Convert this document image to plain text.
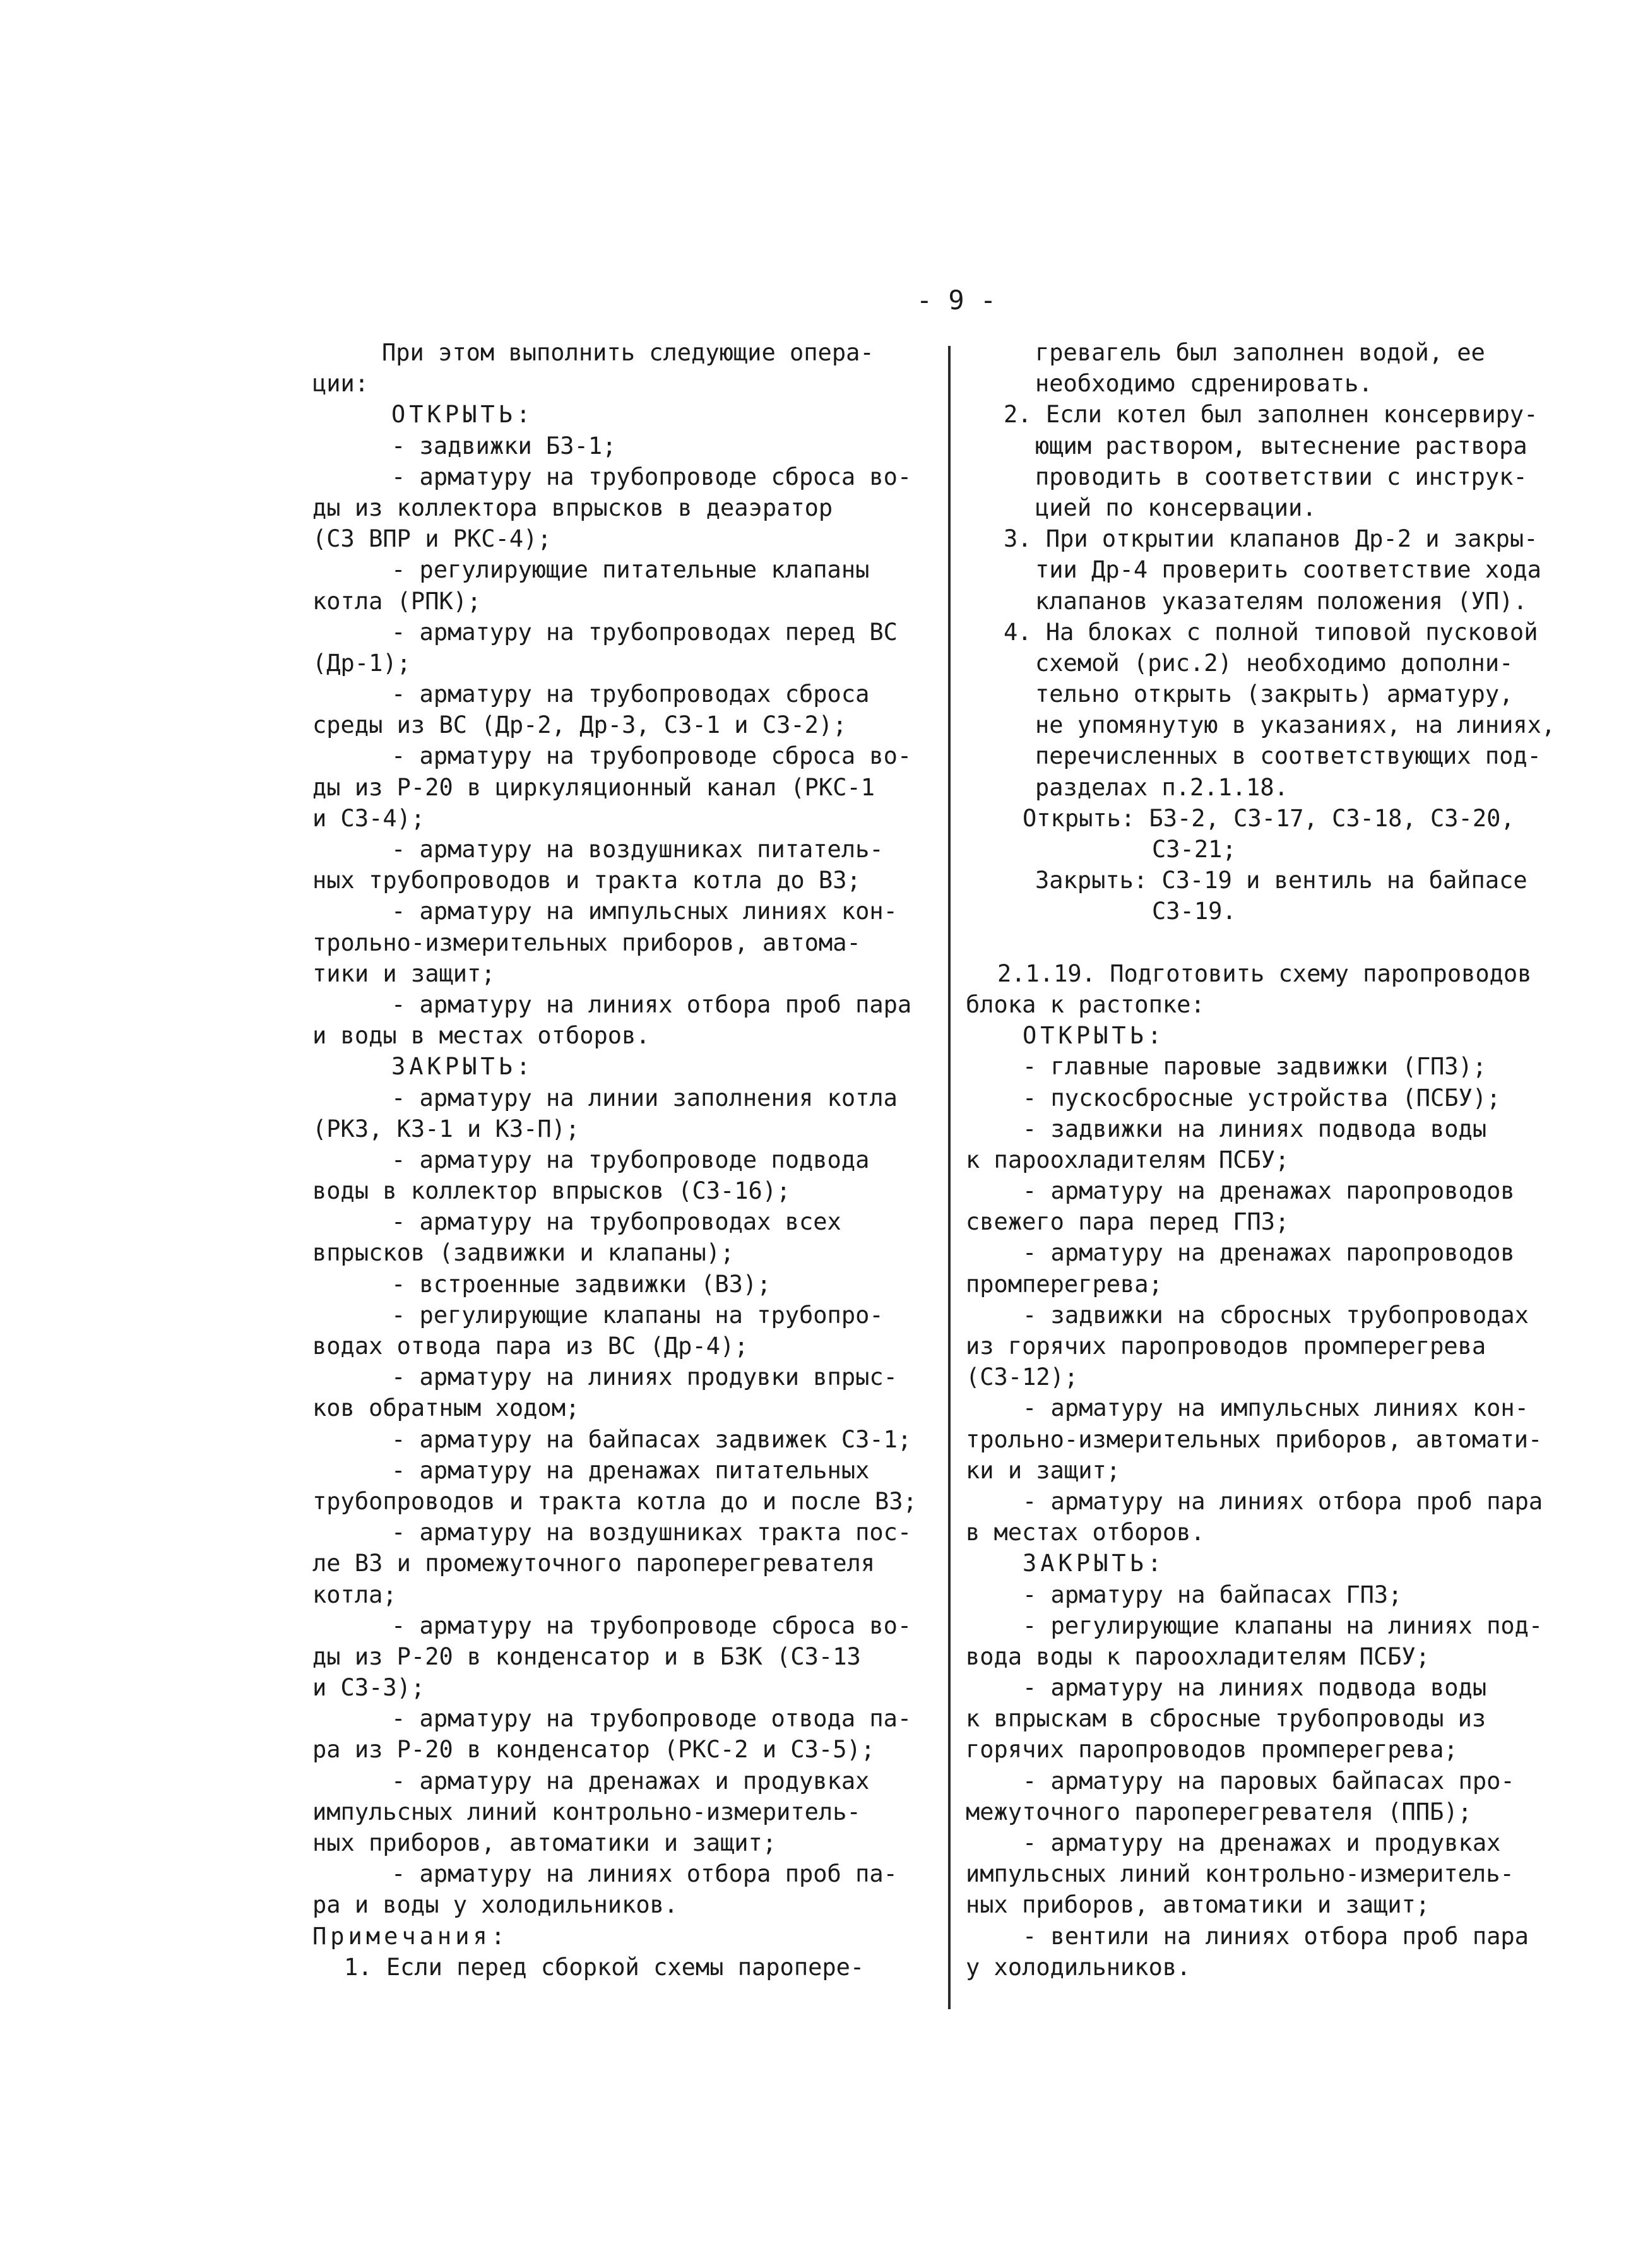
- 9 -
При этом выполнить следующие опера-
ции:
ОТКРЫТЬ:
- задвижки БЗ-1;
- арматуру на трубопроводе сброса во-
ды из коллектора впрысков в деаэратор
(СЗ ВПР и РКС-4);
- регулирующие питательные клапаны
котла (РПК);
- арматуру на трубопроводах перед ВС
(Др-1);
- арматуру на трубопроводах сброса
среды из ВС (Др-2, Др-3, СЗ-1 и СЗ-2);
- арматуру на трубопроводе сброса во-
ды из Р-20 в циркуляционный канал (РКС-1
и СЗ-4);
- арматуру на воздушниках питатель-
ных трубопроводов и тракта котла до ВЗ;
- арматуру на импульсных линиях кон-
трольно-измерительных приборов, автома-
тики и защит;
- арматуру на линиях отбора проб пара
и воды в местах отборов.
ЗАКРЫТЬ:
- арматуру на линии заполнения котла
(РКЗ, КЗ-1 и КЗ-П);
- арматуру на трубопроводе подвода
воды в коллектор впрысков (СЗ-16);
- арматуру на трубопроводах всех
впрысков (задвижки и клапаны);
- встроенные задвижки (ВЗ);
- регулирующие клапаны на трубопро-
водах отвода пара из ВС (Др-4);
- арматуру на линиях продувки впрыс-
ков обратным ходом;
- арматуру на байпасах задвижек СЗ-1;
- арматуру на дренажах питательных
трубопроводов и тракта котла до и после ВЗ;
- арматуру на воздушниках тракта пос-
ле ВЗ и промежуточного пароперегревателя
котла;
- арматуру на трубопроводе сброса во-
ды из Р-20 в конденсатор и в БЗК (СЗ-13
и СЗ-3);
- арматуру на трубопроводе отвода па-
ра из Р-20 в конденсатор (РКС-2 и СЗ-5);
- арматуру на дренажах и продувках
импульсных линий контрольно-измеритель-
ных приборов, автоматики и защит;
- арматуру на линиях отбора проб па-
ра и воды у холодильников.
Примечания:
1. Если перед сборкой схемы паропере-
гревагель был заполнен водой, ее
необходимо сдренировать.
2. Если котел был заполнен консервиру-
ющим раствором, вытеснение раствора
проводить в соответствии с инструк-
цией по консервации.
3. При открытии клапанов Др-2 и закры-
тии Др-4 проверить соответствие хода
клапанов указателям положения (УП).
4. На блоках с полной типовой пусковой
схемой (рис.2) необходимо дополни-
тельно открыть (закрыть) арматуру,
не упомянутую в указаниях, на линиях,
перечисленных в соответствующих под-
разделах п.2.1.18.
Открыть: БЗ-2, СЗ-17, СЗ-18, СЗ-20,
СЗ-21;
Закрыть: СЗ-19 и вентиль на байпасе
СЗ-19.
2.1.19. Подготовить схему паропроводов
блока к растопке:
ОТКРЫТЬ:
- главные паровые задвижки (ГПЗ);
- пускосбросные устройства (ПСБУ);
- задвижки на линиях подвода воды
к пароохладителям ПСБУ;
- арматуру на дренажах паропроводов
свежего пара перед ГПЗ;
- арматуру на дренажах паропроводов
промперегрева;
- задвижки на сбросных трубопроводах
из горячих паропроводов промперегрева
(СЗ-12);
- арматуру на импульсных линиях кон-
трольно-измерительных приборов, автомати-
ки и защит;
- арматуру на линиях отбора проб пара
в местах отборов.
ЗАКРЫТЬ:
- арматуру на байпасах ГПЗ;
- регулирующие клапаны на линиях под-
вода воды к пароохладителям ПСБУ;
- арматуру на линиях подвода воды
к впрыскам в сбросные трубопроводы из
горячих паропроводов промперегрева;
- арматуру на паровых байпасах про-
межуточного пароперегревателя (ППБ);
- арматуру на дренажах и продувках
импульсных линий контрольно-измеритель-
ных приборов, автоматики и защит;
- вентили на линиях отбора проб пара
у холодильников.
